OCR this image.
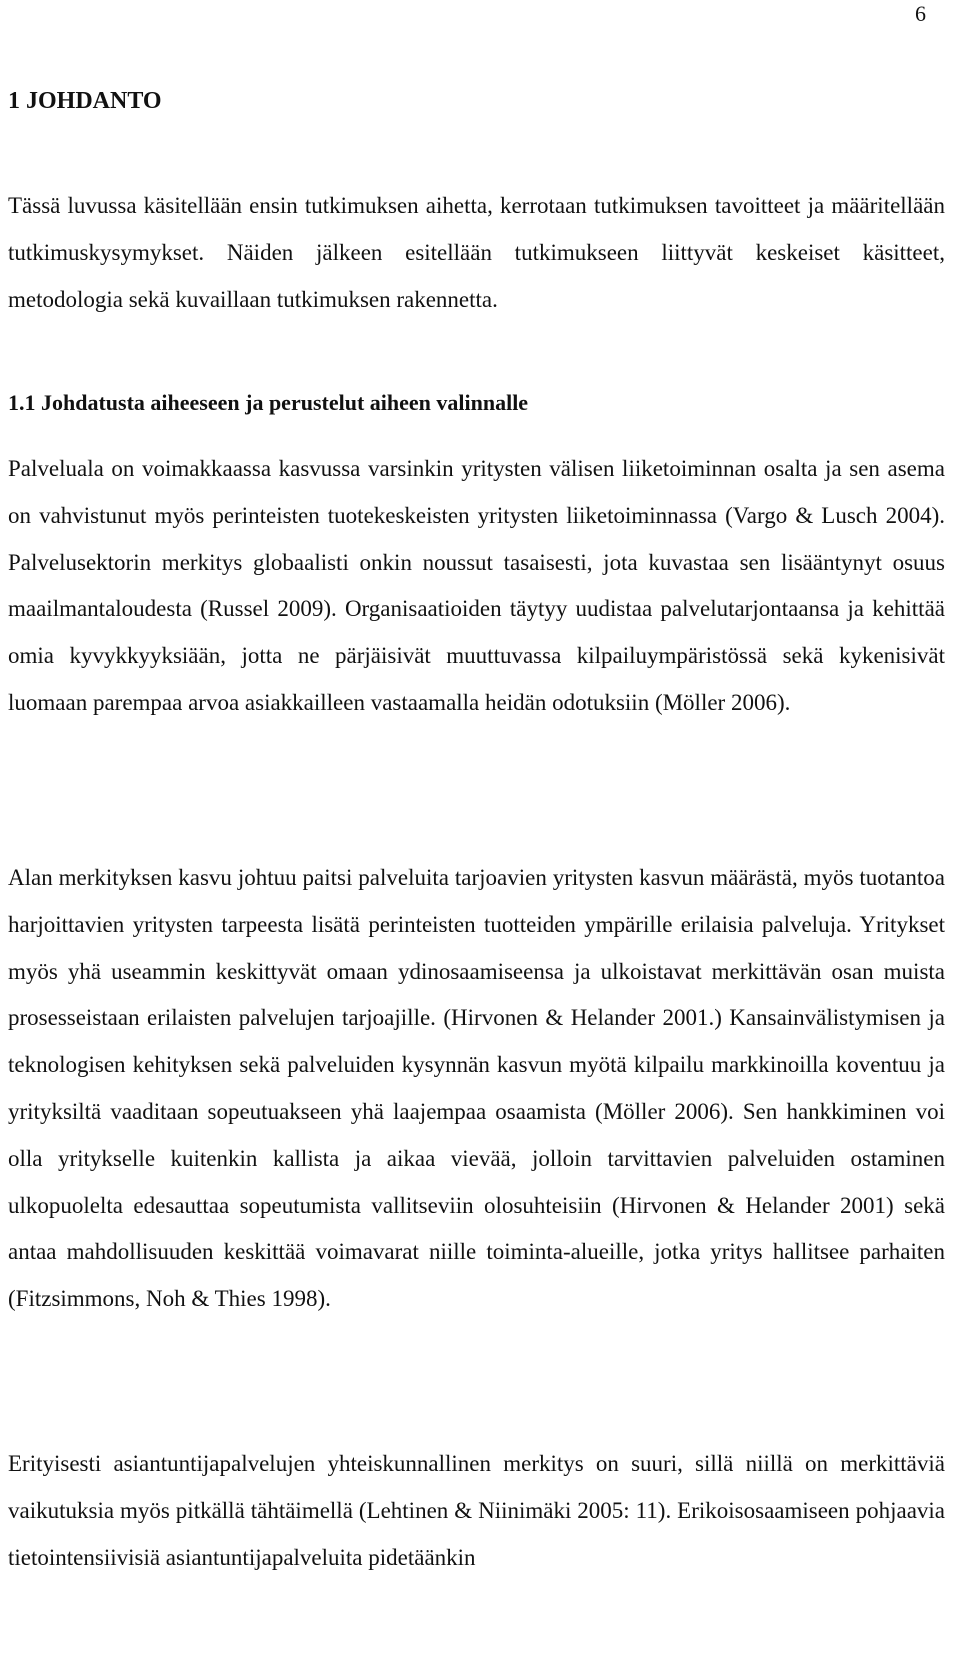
6
1 JOHDANTO

Tässä luvussa käsitellään ensin tutkimuksen aihetta, kerrotaan tutkimuksen tavoitteet ja määritellään tutkimuskysymykset. Näiden jälkeen esitellään tutkimukseen liittyvät keskeiset käsitteet, metodologia sekä kuvaillaan tutkimuksen rakennetta.

1.1 Johdatusta aiheeseen ja perustelut aiheen valinnalle

Palveluala on voimakkaassa kasvussa varsinkin yritysten välisen liiketoiminnan osalta ja sen asema on vahvistunut myös perinteisten tuotekeskeisten yritysten liiketoiminnassa (Vargo & Lusch 2004). Palvelusektorin merkitys globaalisti onkin noussut tasaisesti, jota kuvastaa sen lisääntynyt osuus maailmantaloudesta (Russel 2009). Organisaatioiden täytyy uudistaa palvelutarjontaansa ja kehittää omia kyvykkyyksiään, jotta ne pärjäisivät muuttuvassa kilpailuympäristössä sekä kykenisivät luomaan parempaa arvoa asiakkailleen vastaamalla heidän odotuksiin (Möller 2006).

Alan merkityksen kasvu johtuu paitsi palveluita tarjoavien yritysten kasvun määrästä, myös tuotantoa harjoittavien yritysten tarpeesta lisätä perinteisten tuotteiden ympärille erilaisia palveluja. Yritykset myös yhä useammin keskittyvät omaan ydinosaamiseensa ja ulkoistavat merkittävän osan muista prosesseistaan erilaisten palvelujen tarjoajille. (Hirvonen & Helander 2001.) Kansainvälistymisen ja teknologisen kehityksen sekä palveluiden kysynnän kasvun myötä kilpailu markkinoilla koventuu ja yrityksiltä vaaditaan sopeutuakseen yhä laajempaa osaamista (Möller 2006). Sen hankkiminen voi olla yritykselle kuitenkin kallista ja aikaa vievää, jolloin tarvittavien palveluiden ostaminen ulkopuolelta edesauttaa sopeutumista vallitseviin olosuhteisiin (Hirvonen & Helander 2001) sekä antaa mahdollisuuden keskittää voimavarat niille toiminta-alueille, jotka yritys hallitsee parhaiten (Fitzsimmons, Noh & Thies 1998).

Erityisesti asiantuntijapalvelujen yhteiskunnallinen merkitys on suuri, sillä niillä on merkittäviä vaikutuksia myös pitkällä tähtäimellä (Lehtinen & Niinimäki 2005: 11). Erikoisosaamiseen pohjaavia tietointensiivisiä asiantuntijapalveluita pidetäänkin
